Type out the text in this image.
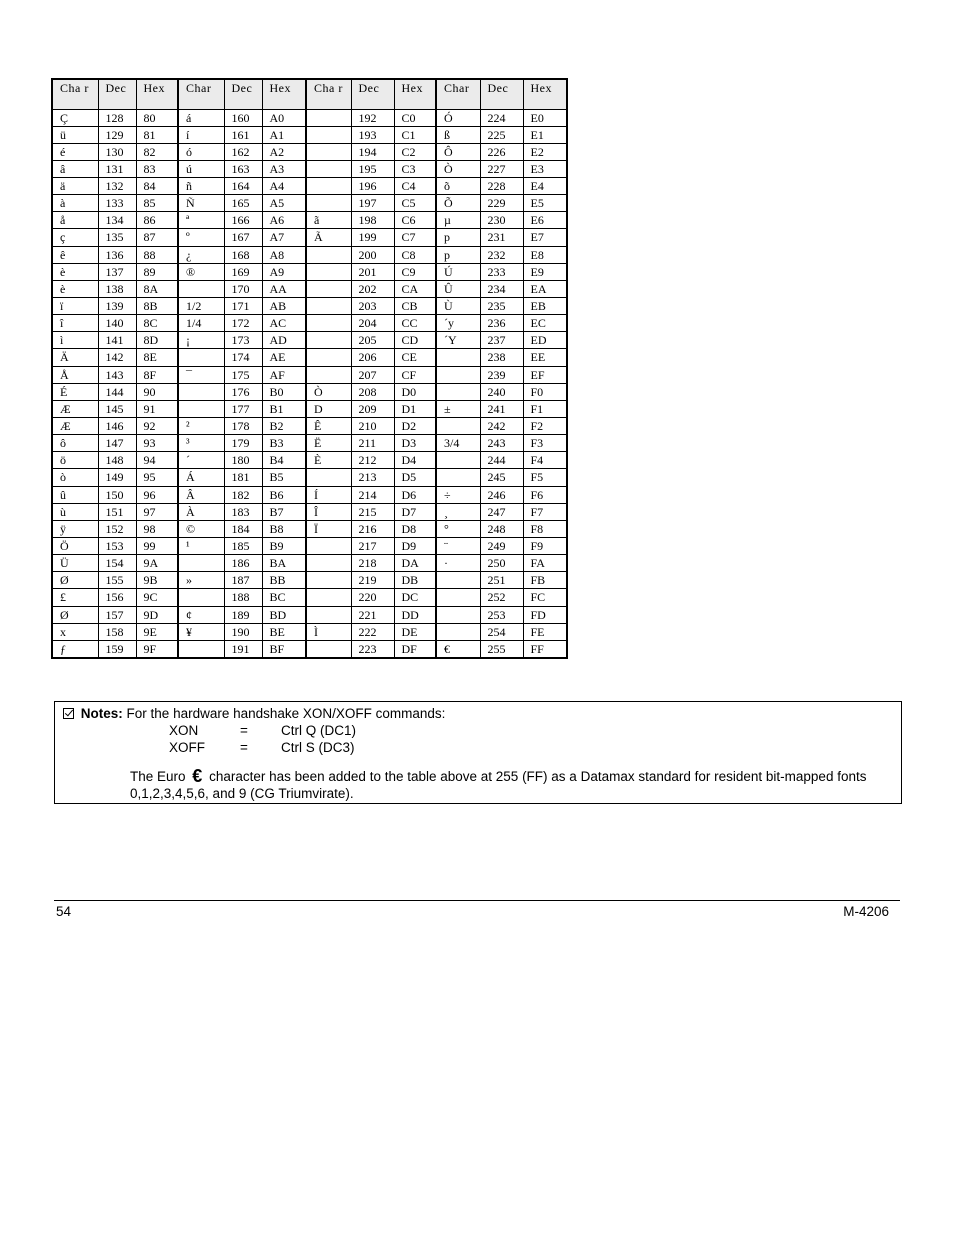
Cha r	Dec	Hex	Char	Dec	Hex	Cha r	Dec	Hex	Char	Dec	Hex
Ç	128	80	á	160	A0		192	C0	Ó	224	E0
ü	129	81	í	161	A1		193	C1	ß	225	E1
é	130	82	ó	162	A2		194	C2	Ô	226	E2
â	131	83	ú	163	A3		195	C3	Ò	227	E3
ä	132	84	ñ	164	A4		196	C4	õ	228	E4
à	133	85	Ñ	165	A5		197	C5	Õ	229	E5
å	134	86	ª	166	A6	ã	198	C6	µ	230	E6
ç	135	87	º	167	A7	Ã	199	C7	p	231	E7
ê	136	88	¿	168	A8		200	C8	p	232	E8
è	137	89	®	169	A9		201	C9	Ú	233	E9
è	138	8A		170	AA		202	CA	Û	234	EA
ï	139	8B	1/2	171	AB		203	CB	Ù	235	EB
î	140	8C	1/4	172	AC		204	CC	´y	236	EC
ì	141	8D	¡	173	AD		205	CD	´Y	237	ED
Ä	142	8E		174	AE		206	CE		238	EE
Å	143	8F	¯	175	AF		207	CF		239	EF
É	144	90		176	B0	Ò	208	D0		240	F0
Æ	145	91		177	B1	D	209	D1	±	241	F1
Æ	146	92	²	178	B2	Ê	210	D2		242	F2
ô	147	93	³	179	B3	Ë	211	D3	3/4	243	F3
ö	148	94	´	180	B4	È	212	D4		244	F4
ò	149	95	Á	181	B5		213	D5		245	F5
û	150	96	Â	182	B6	Í	214	D6	÷	246	F6
ù	151	97	À	183	B7	Î	215	D7	¸	247	F7
ÿ	152	98	©	184	B8	Ï	216	D8	°	248	F8
Ö	153	99	¹	185	B9		217	D9	¨	249	F9
Ü	154	9A		186	BA		218	DA	·	250	FA
Ø	155	9B	»	187	BB		219	DB		251	FB
£	156	9C		188	BC		220	DC		252	FC
Ø	157	9D	¢	189	BD		221	DD		253	FD
x	158	9E	¥	190	BE	Ì	222	DE		254	FE
ƒ	159	9F		191	BF		223	DF	€	255	FF
Notes: For the hardware handshake XON/XOFF commands:
XON	= Ctrl Q (DC1)
XOFF	= Ctrl S (DC3)
The Euro € character has been added to the table above at 255 (FF) as a Datamax standard for resident bit-mapped fonts 0,1,2,3,4,5,6, and 9 (CG Triumvirate).
54	M-4206
